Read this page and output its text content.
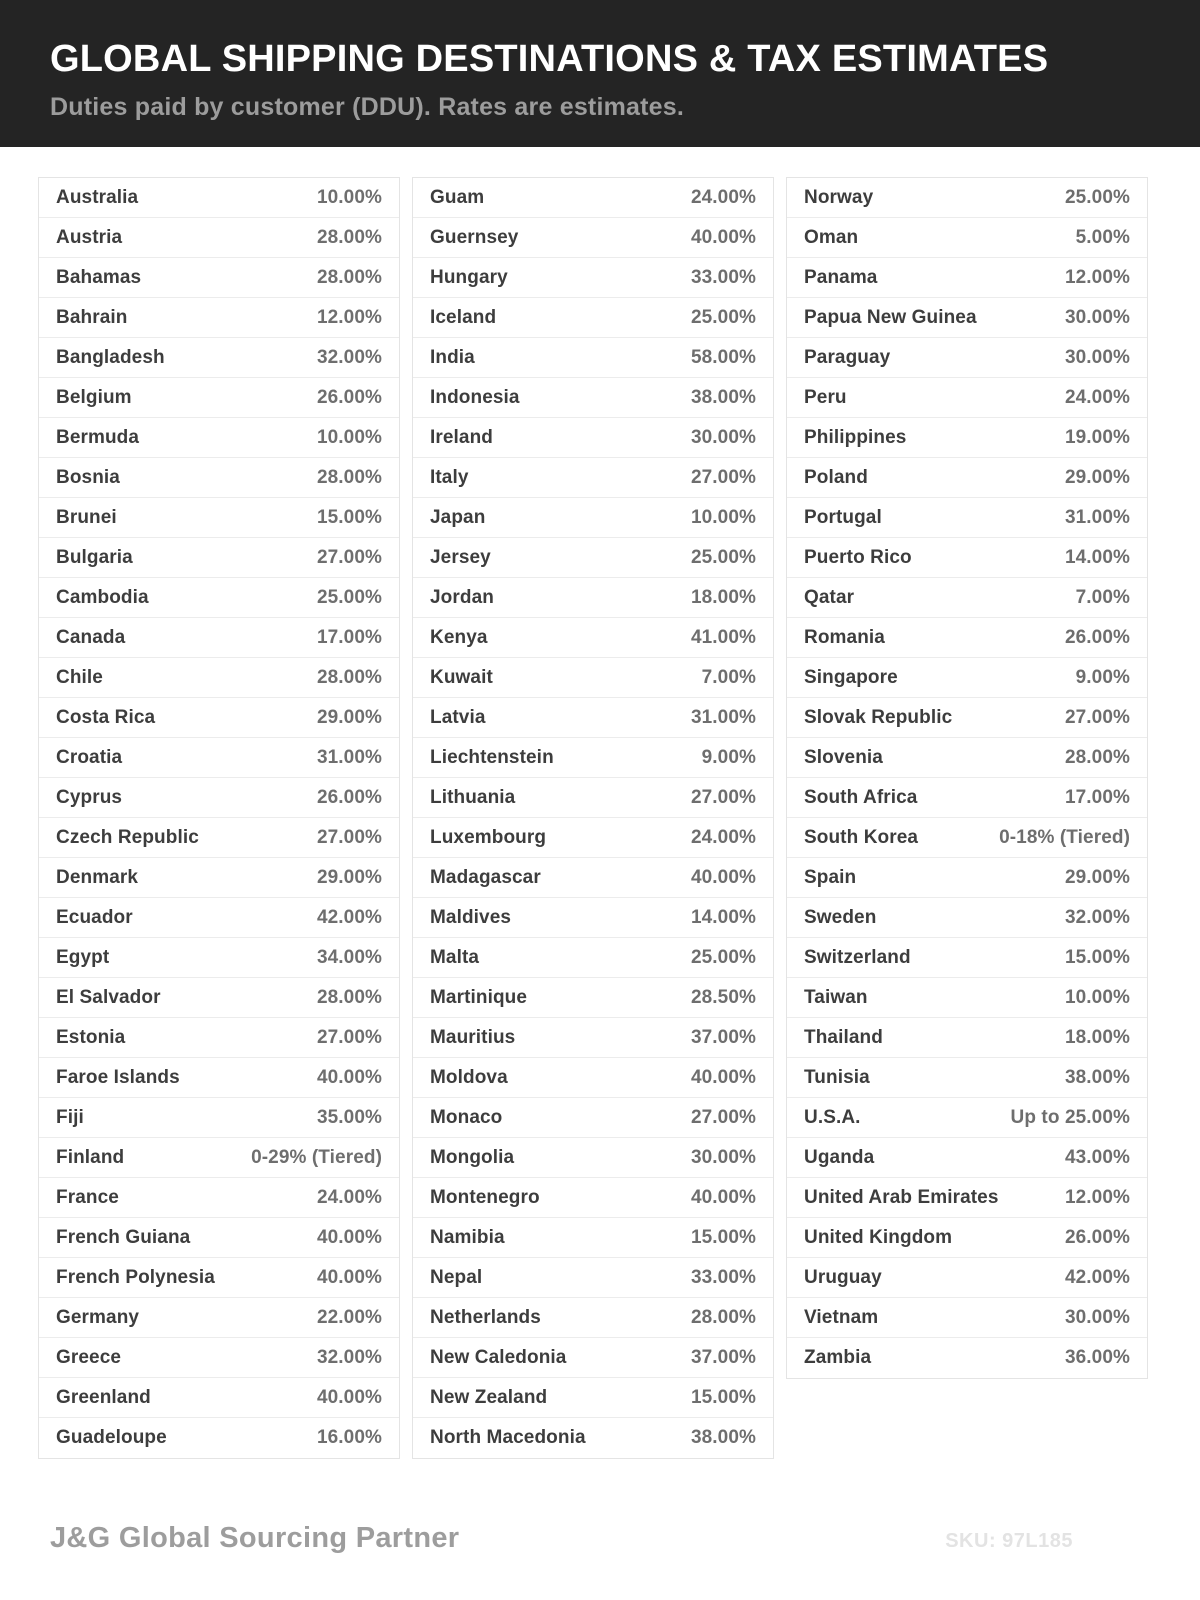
GLOBAL SHIPPING DESTINATIONS & TAX ESTIMATES

Duties paid by customer (DDU). Rates are estimates.

Australia	10.00%
Austria	28.00%
Bahamas	28.00%
Bahrain	12.00%
Bangladesh	32.00%
Belgium	26.00%
Bermuda	10.00%
Bosnia	28.00%
Brunei	15.00%
Bulgaria	27.00%
Cambodia	25.00%
Canada	17.00%
Chile	28.00%
Costa Rica	29.00%
Croatia	31.00%
Cyprus	26.00%
Czech Republic	27.00%
Denmark	29.00%
Ecuador	42.00%
Egypt	34.00%
El Salvador	28.00%
Estonia	27.00%
Faroe Islands	40.00%
Fiji	35.00%
Finland	0-29% (Tiered)
France	24.00%
French Guiana	40.00%
French Polynesia	40.00%
Germany	22.00%
Greece	32.00%
Greenland	40.00%
Guadeloupe	16.00%
Guam	24.00%
Guernsey	40.00%
Hungary	33.00%
Iceland	25.00%
India	58.00%
Indonesia	38.00%
Ireland	30.00%
Italy	27.00%
Japan	10.00%
Jersey	25.00%
Jordan	18.00%
Kenya	41.00%
Kuwait	7.00%
Latvia	31.00%
Liechtenstein	9.00%
Lithuania	27.00%
Luxembourg	24.00%
Madagascar	40.00%
Maldives	14.00%
Malta	25.00%
Martinique	28.50%
Mauritius	37.00%
Moldova	40.00%
Monaco	27.00%
Mongolia	30.00%
Montenegro	40.00%
Namibia	15.00%
Nepal	33.00%
Netherlands	28.00%
New Caledonia	37.00%
New Zealand	15.00%
North Macedonia	38.00%
Norway	25.00%
Oman	5.00%
Panama	12.00%
Papua New Guinea	30.00%
Paraguay	30.00%
Peru	24.00%
Philippines	19.00%
Poland	29.00%
Portugal	31.00%
Puerto Rico	14.00%
Qatar	7.00%
Romania	26.00%
Singapore	9.00%
Slovak Republic	27.00%
Slovenia	28.00%
South Africa	17.00%
South Korea	0-18% (Tiered)
Spain	29.00%
Sweden	32.00%
Switzerland	15.00%
Taiwan	10.00%
Thailand	18.00%
Tunisia	38.00%
U.S.A.	Up to 25.00%
Uganda	43.00%
United Arab Emirates	12.00%
United Kingdom	26.00%
Uruguay	42.00%
Vietnam	30.00%
Zambia	36.00%
J&G Global Sourcing Partner	SKU: 97L185
